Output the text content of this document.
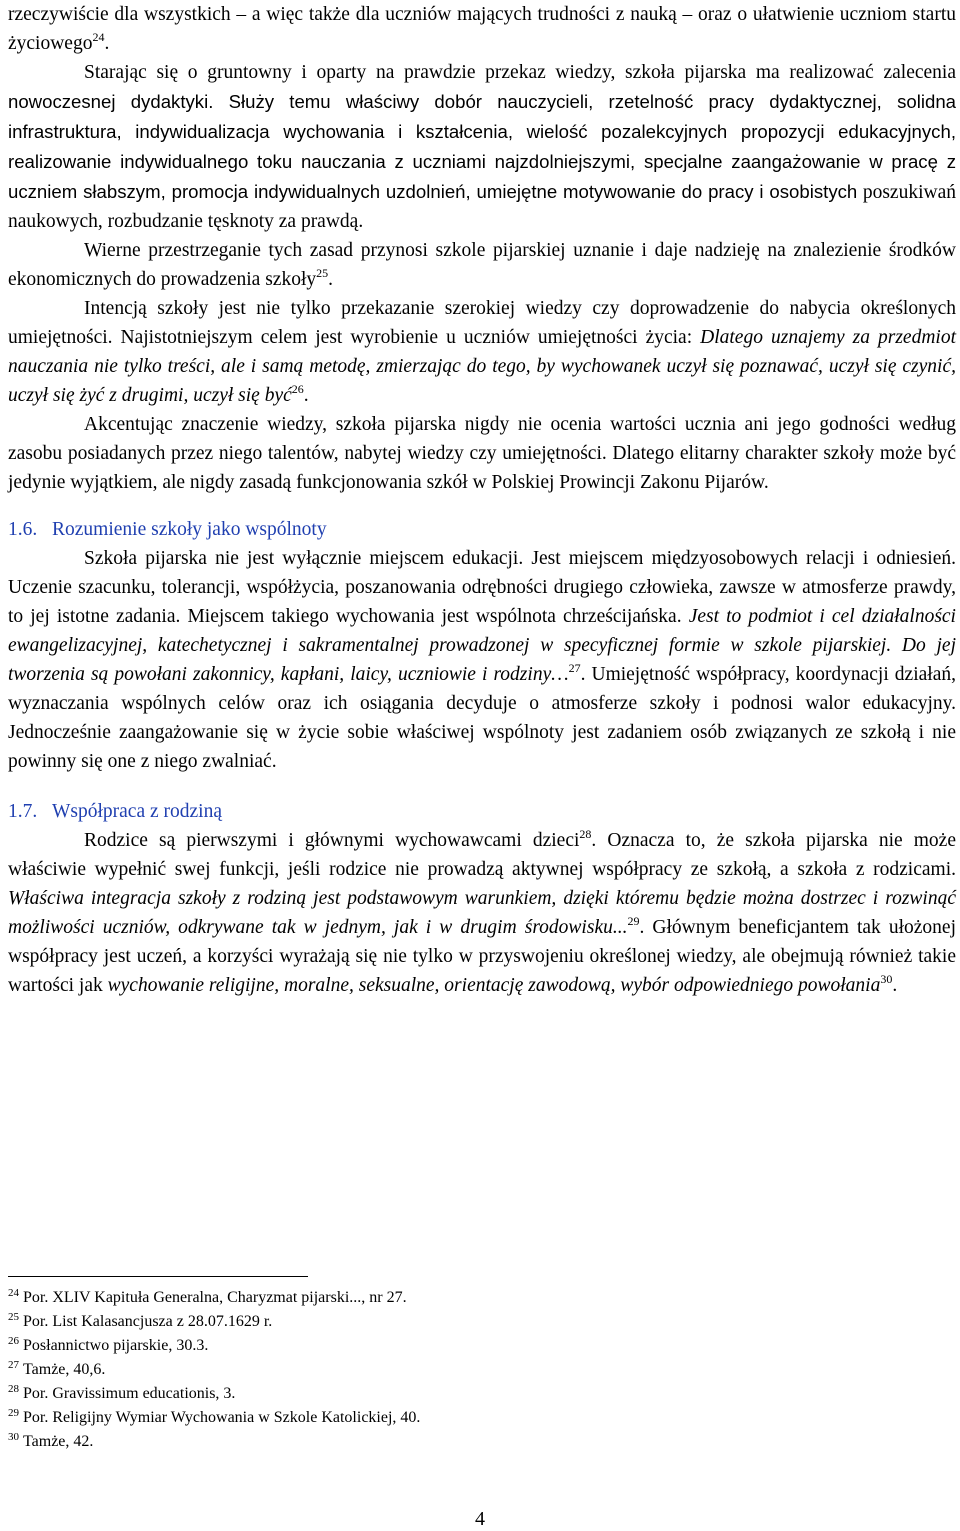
rzeczywiście dla wszystkich – a więc także dla uczniów mających trudności z nauką – oraz o ułatwienie uczniom startu życiowego$^{24}$.

Starając się o gruntowny i oparty na prawdzie przekaz wiedzy, szkoła pijarska ma realizować zalecenia nowoczesnej dydaktyki. Służy temu właściwy dobór nauczycieli, rzetelność pracy dydaktycznej, solidna infrastruktura, indywidualizacja wychowania i kształcenia, wielość pozalekcyjnych propozycji edukacyjnych, realizowanie indywidualnego toku nauczania z uczniami najzdolniejszymi, specjalne zaangażowanie w pracę z uczniem słabszym, promocja indywidualnych uzdolnień, umiejętne motywowanie do pracy i osobistych poszukiwań naukowych, rozbudzanie tęsknoty za prawdą.

Wierne przestrzeganie tych zasad przynosi szkole pijarskiej uznanie i daje nadzieję na znalezienie środków ekonomicznych do prowadzenia szkoły$^{25}$.

Intencją szkoły jest nie tylko przekazanie szerokiej wiedzy czy doprowadzenie do nabycia określonych umiejętności. Najistotniejszym celem jest wyrobienie u uczniów umiejętności życia: Dlatego uznajemy za przedmiot nauczania nie tylko treści, ale i samą metodę, zmierzając do tego, by wychowanek uczył się poznawać, uczył się czynić, uczył się żyć z drugimi, uczył się być$^{26}$.

Akcentując znaczenie wiedzy, szkoła pijarska nigdy nie ocenia wartości ucznia ani jego godności według zasobu posiadanych przez niego talentów, nabytej wiedzy czy umiejętności. Dlatego elitarny charakter szkoły może być jedynie wyjątkiem, ale nigdy zasadą funkcjonowania szkół w Polskiej Prowincji Zakonu Pijarów.

1.6. Rozumienie szkoły jako wspólnoty

Szkoła pijarska nie jest wyłącznie miejscem edukacji. Jest miejscem międzyosobowych relacji i odniesień. Uczenie szacunku, tolerancji, współżycia, poszanowania odrębności drugiego człowieka, zawsze w atmosferze prawdy, to jej istotne zadania. Miejscem takiego wychowania jest wspólnota chrześcijańska. Jest to podmiot i cel działalności ewangelizacyjnej, katechetycznej i sakramentalnej prowadzonej w specyficznej formie w szkole pijarskiej. Do jej tworzenia są powołani zakonnicy, kapłani, laicy, uczniowie i rodziny…$^{27}$. Umiejętność współpracy, koordynacji działań, wyznaczania wspólnych celów oraz ich osiągania decyduje o atmosferze szkoły i podnosi walor edukacyjny. Jednocześnie zaangażowanie się w życie sobie właściwej wspólnoty jest zadaniem osób związanych ze szkołą i nie powinny się one z niego zwalniać.

1.7. Współpraca z rodziną

Rodzice są pierwszymi i głównymi wychowawcami dzieci$^{28}$. Oznacza to, że szkoła pijarska nie może właściwie wypełnić swej funkcji, jeśli rodzice nie prowadzą aktywnej współpracy ze szkołą, a szkoła z rodzicami. Właściwa integracja szkoły z rodziną jest podstawowym warunkiem, dzięki któremu będzie można dostrzec i rozwinąć możliwości uczniów, odkrywane tak w jednym, jak i w drugim środowisku...$^{29}$. Głównym beneficjantem tak ułożonej współpracy jest uczeń, a korzyści wyrażają się nie tylko w przyswojeniu określonej wiedzy, ale obejmują również takie wartości jak wychowanie religijne, moralne, seksualne, orientację zawodową, wybór odpowiedniego powołania$^{30}$.

$^{24}$ Por. XLIV Kapituła Generalna, Charyzmat pijarski..., nr 27.
$^{25}$ Por. List Kalasancjusza z 28.07.1629 r.
$^{26}$ Posłannictwo pijarskie, 30.3.
$^{27}$ Tamże, 40,6.
$^{28}$ Por. Gravissimum educationis, 3.
$^{29}$ Por. Religijny Wymiar Wychowania w Szkole Katolickiej, 40.
$^{30}$ Tamże, 42.
4
